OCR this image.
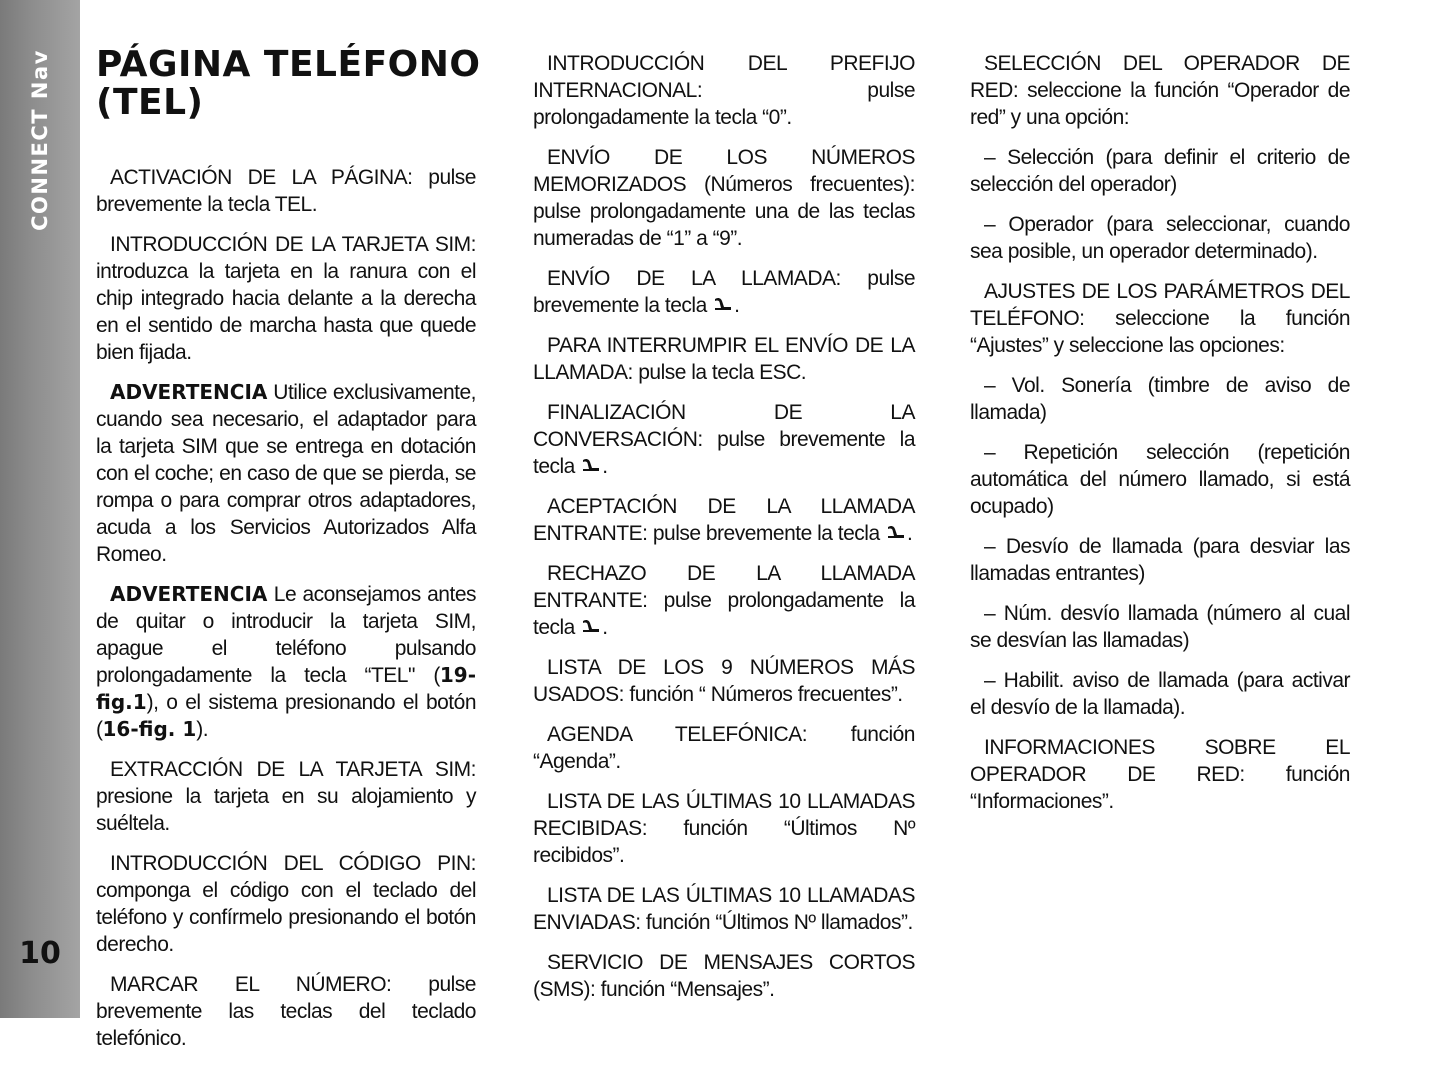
CONNECT Nav
10
PÁGINA TELÉFONO
(TEL)

ACTIVACIÓN DE LA PÁGINA: pulse brevemente la tecla TEL.

INTRODUCCIÓN DE LA TARJETA SIM: introduzca la tarjeta en la ranura con el chip integrado hacia delante a la derecha en el sentido de marcha hasta que quede bien fijada.

ADVERTENCIA Utilice exclusivamente, cuando sea necesario, el adaptador para la tarjeta SIM que se entrega en dotación con el coche; en caso de que se pierda, se rompa o para comprar otros adaptadores, acuda a los Servicios Autorizados Alfa Romeo.

ADVERTENCIA Le aconsejamos antes de quitar o introducir la tarjeta SIM, apague el teléfono pulsando prolongadamente la tecla “TEL" (19-fig.1), o el sistema presionando el botón (16-fig. 1).

EXTRACCIÓN DE LA TARJETA SIM: presione la tarjeta en su alojamiento y suéltela.

INTRODUCCIÓN DEL CÓDIGO PIN: componga el código con el teclado del teléfono y confírmelo presionando el botón derecho.

MARCAR EL NÚMERO: pulse brevemente las teclas del teclado telefónico.

INTRODUCCIÓN DEL PREFIJO INTERNACIONAL: pulse prolongadamente la tecla “0”.

ENVÍO DE LOS NÚMEROS MEMORIZADOS (Números frecuentes): pulse prolongadamente una de las teclas numeradas de “1” a “9”.

ENVÍO DE LA LLAMADA: pulse brevemente la tecla .

PARA INTERRUMPIR EL ENVÍO DE LA LLAMADA: pulse la tecla ESC.

FINALIZACIÓN DE LA CONVERSACIÓN: pulse brevemente la tecla .

ACEPTACIÓN DE LA LLAMADA ENTRANTE: pulse brevemente la tecla .

RECHAZO DE LA LLAMADA ENTRANTE: pulse prolongadamente la tecla .

LISTA DE LOS 9 NÚMEROS MÁS USADOS: función “ Números frecuentes”.

AGENDA TELEFÓNICA: función “Agenda”.

LISTA DE LAS ÚLTIMAS 10 LLAMADAS RECIBIDAS: función “Últimos Nº recibidos”.

LISTA DE LAS ÚLTIMAS 10 LLAMADAS ENVIADAS: función “Últimos Nº llamados”.

SERVICIO DE MENSAJES CORTOS (SMS): función “Mensajes”.

SELECCIÓN DEL OPERADOR DE RED: seleccione la función “Operador de red” y una opción:

– Selección (para definir el criterio de selección del operador)

– Operador (para seleccionar, cuando sea posible, un operador determinado).

AJUSTES DE LOS PARÁMETROS DEL TELÉFONO: seleccione la función “Ajustes” y seleccione las opciones:

– Vol. Sonería (timbre de aviso de llamada)

– Repetición selección (repetición automática del número llamado, si está ocupado)

– Desvío de llamada (para desviar las llamadas entrantes)

– Núm. desvío llamada (número al cual se desvían las llamadas)

– Habilit. aviso de llamada (para activar el desvío de la llamada).

INFORMACIONES SOBRE EL OPERADOR DE RED: función “Informaciones”.
